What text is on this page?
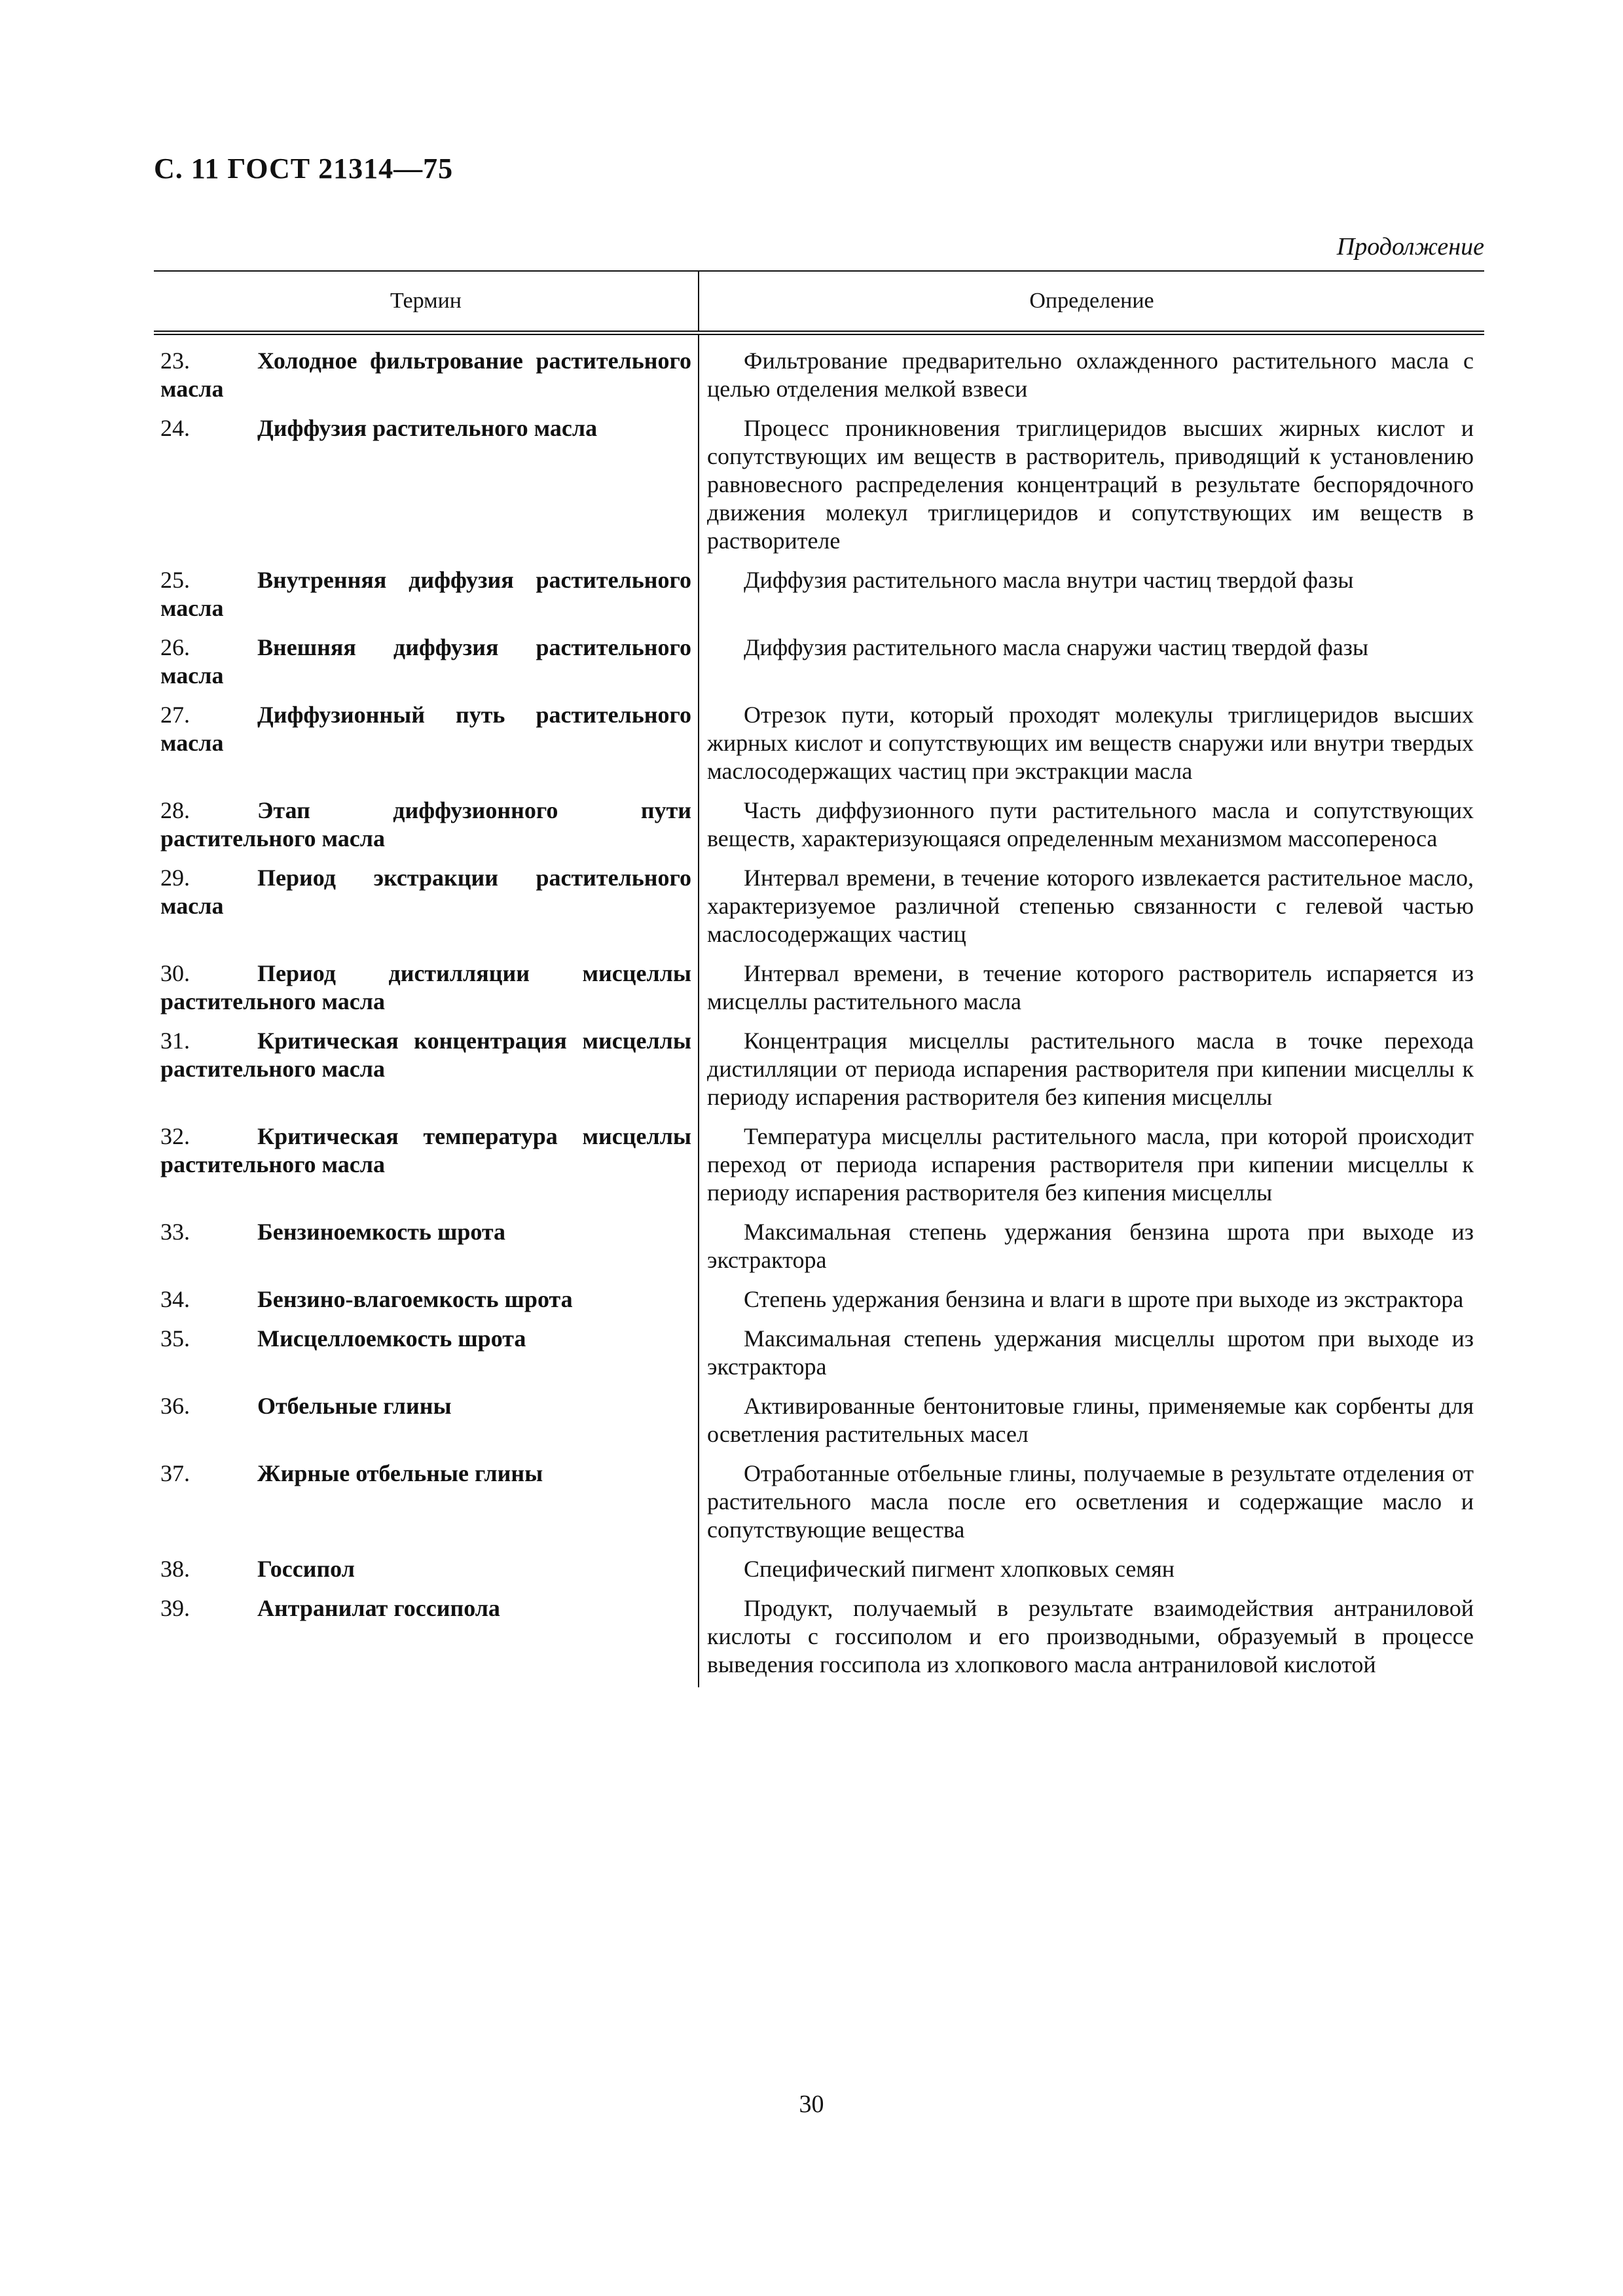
С. 11 ГОСТ 21314—75
Продолжение
Термин	Определение
23. Холодное фильтрование растительного масла	Фильтрование предварительно охлажденного растительного масла с целью отделения мелкой взвеси
24. Диффузия растительного масла	Процесс проникновения триглицеридов высших жирных кислот и сопутствующих им веществ в растворитель, приводящий к установлению равновесного распределения концентраций в результате беспорядочного движения молекул триглицеридов и сопутствующих им веществ в растворителе
25. Внутренняя диффузия растительного масла	Диффузия растительного масла внутри частиц твердой фазы
26. Внешняя диффузия растительного масла	Диффузия растительного масла снаружи частиц твердой фазы
27. Диффузионный путь растительного масла	Отрезок пути, который проходят молекулы триглицеридов высших жирных кислот и сопутствующих им веществ снаружи или внутри твердых маслосодержащих частиц при экстракции масла
28. Этап диффузионного пути растительного масла	Часть диффузионного пути растительного масла и сопутствующих веществ, характеризующаяся определенным механизмом массопереноса
29. Период экстракции растительного масла	Интервал времени, в течение которого извлекается растительное масло, характеризуемое различной степенью связанности с гелевой частью маслосодержащих частиц
30. Период дистилляции мисцеллы растительного масла	Интервал времени, в течение которого растворитель испаряется из мисцеллы растительного масла
31. Критическая концентрация мисцеллы растительного масла	Концентрация мисцеллы растительного масла в точке перехода дистилляции от периода испарения растворителя при кипении мисцеллы к периоду испарения растворителя без кипения мисцеллы
32. Критическая температура мисцеллы растительного масла	Температура мисцеллы растительного масла, при которой происходит переход от периода испарения растворителя при кипении мисцеллы к периоду испарения растворителя без кипения мисцеллы
33. Бензиноемкость шрота	Максимальная степень удержания бензина шрота при выходе из экстрактора
34. Бензино-влагоемкость шрота	Степень удержания бензина и влаги в шроте при выходе из экстрактора
35. Мисцеллоемкость шрота	Максимальная степень удержания мисцеллы шротом при выходе из экстрактора
36. Отбельные глины	Активированные бентонитовые глины, применяемые как сорбенты для осветления растительных масел
37. Жирные отбельные глины	Отработанные отбельные глины, получаемые в результате отделения от растительного масла после его осветления и содержащие масло и сопутствующие вещества
38. Госсипол	Специфический пигмент хлопковых семян
39. Антранилат госсипола	Продукт, получаемый в результате взаимодействия антраниловой кислоты с госсиполом и его производными, образуемый в процессе выведения госсипола из хлопкового масла антраниловой кислотой
30
